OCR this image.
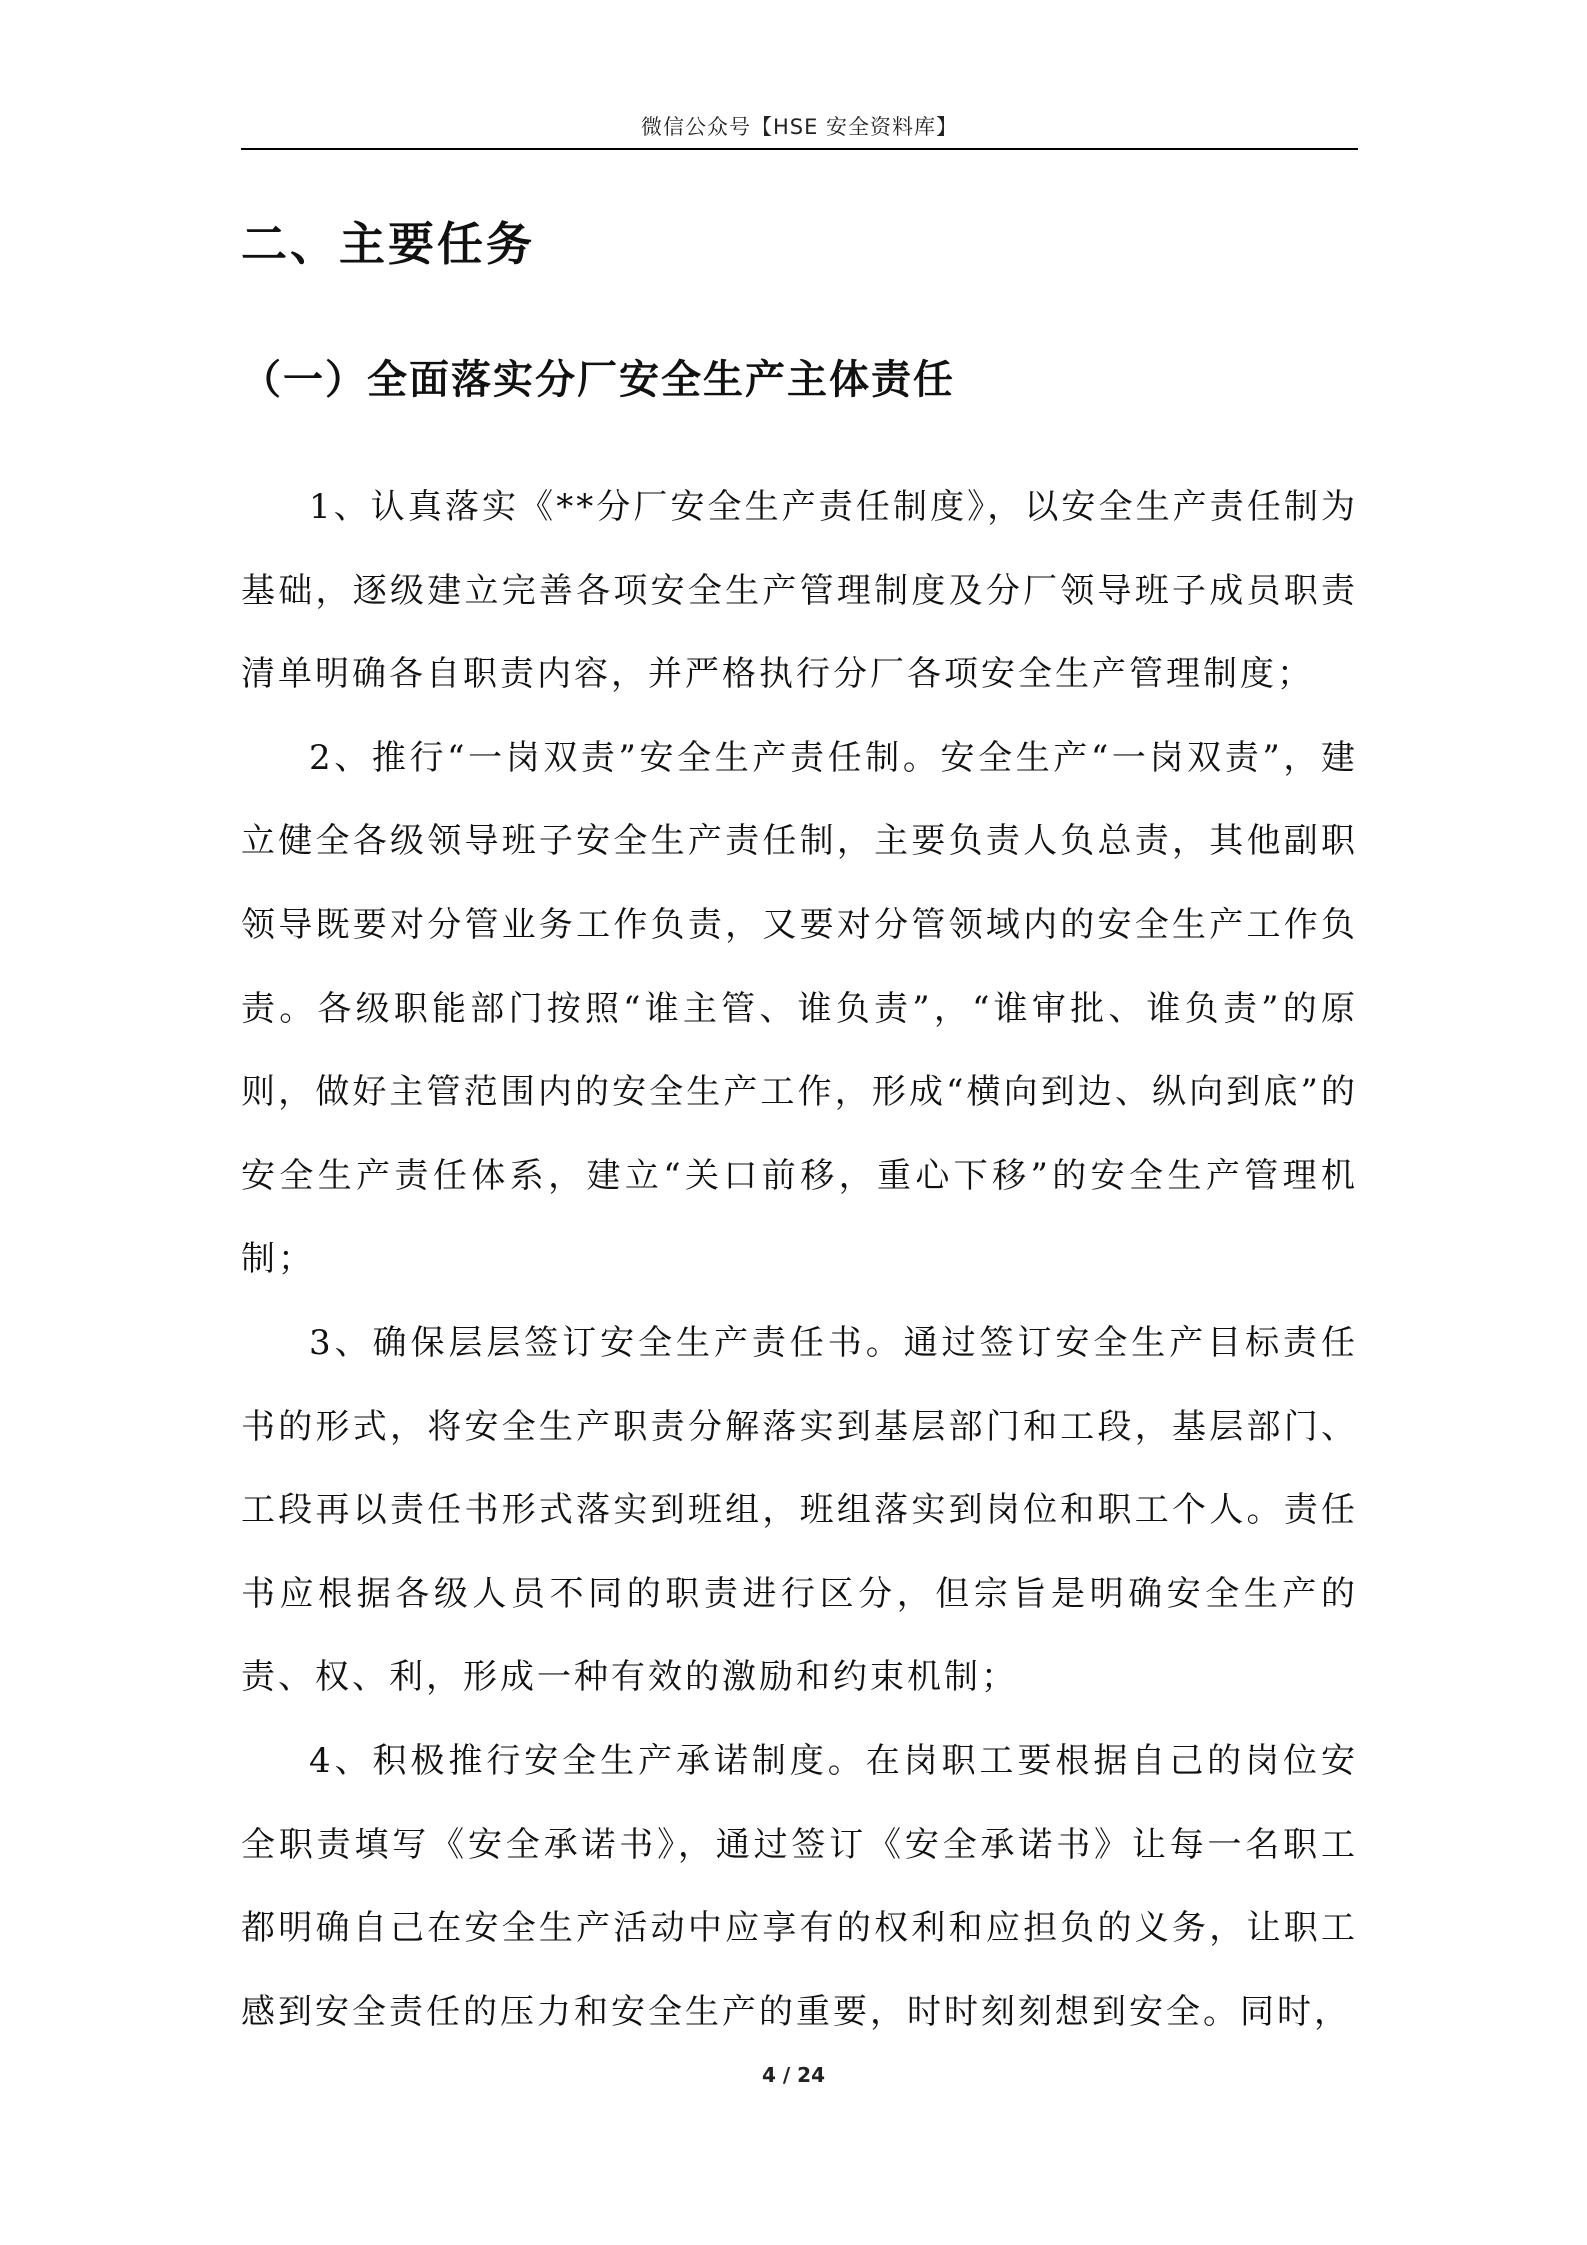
微信公众号【HSE 安全资料库】
二、主要任务
（一）全面落实分厂安全生产主体责任

1、认真落实《**分厂安全生产责任制度》，以安全生产责任制为基础，逐级建立完善各项安全生产管理制度及分厂领导班子成员职责清单明确各自职责内容，并严格执行分厂各项安全生产管理制度；

2、推行“一岗双责”安全生产责任制。安全生产“一岗双责”，建立健全各级领导班子安全生产责任制，主要负责人负总责，其他副职领导既要对分管业务工作负责，又要对分管领域内的安全生产工作负责。各级职能部门按照“谁主管、谁负责”，“谁审批、谁负责”的原则，做好主管范围内的安全生产工作，形成“横向到边、纵向到底”的安全生产责任体系，建立“关口前移，重心下移”的安全生产管理机制；

3、确保层层签订安全生产责任书。通过签订安全生产目标责任书的形式，将安全生产职责分解落实到基层部门和工段，基层部门、工段再以责任书形式落实到班组，班组落实到岗位和职工个人。责任书应根据各级人员不同的职责进行区分，但宗旨是明确安全生产的责、权、利，形成一种有效的激励和约束机制；

4、积极推行安全生产承诺制度。在岗职工要根据自己的岗位安全职责填写《安全承诺书》，通过签订《安全承诺书》让每一名职工都明确自己在安全生产活动中应享有的权利和应担负的义务，让职工感到安全责任的压力和安全生产的重要，时时刻刻想到安全。同时，

4 / 24
